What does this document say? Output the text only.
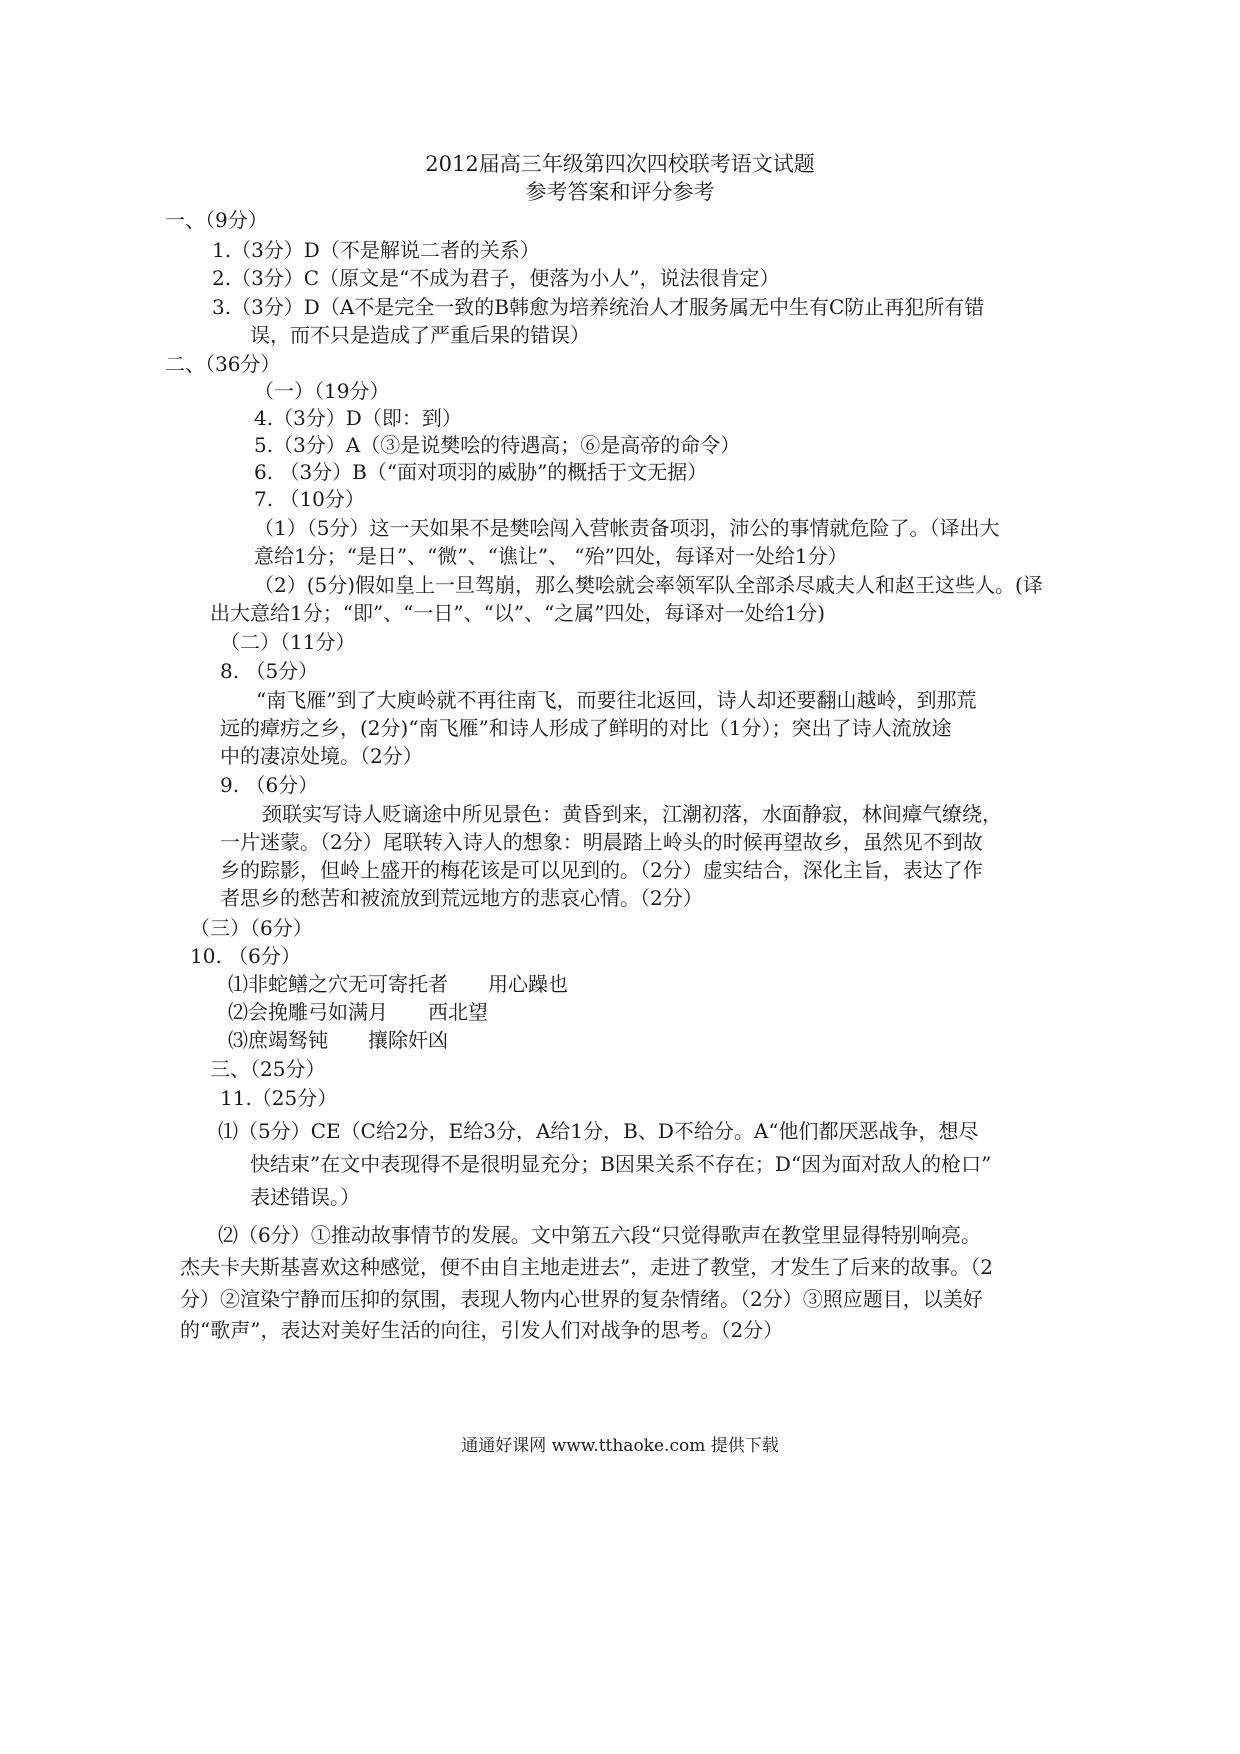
2012届高三年级第四次四校联考语文试题
参考答案和评分参考
一、（9分）
1.（3分）D（不是解说二者的关系）
2.（3分）C（原文是“不成为君子，便落为小人”，说法很肯定）
3.（3分）D（A不是完全一致的B韩愈为培养统治人才服务属无中生有C防止再犯所有错
误，而不只是造成了严重后果的错误）
二、（36分）
（一）（19分）
4.（3分）D（即：到）
5.（3分）A（③是说樊哙的待遇高；⑥是高帝的命令）
6. （3分）B（“面对项羽的威胁”的概括于文无据）
7. （10分）
（1）（5分）这一天如果不是樊哙闯入营帐责备项羽，沛公的事情就危险了。（译出大
意给1分；“是日”、“微”、“谯让”、 “殆”四处，每译对一处给1分）
（2）(5分)假如皇上一旦驾崩，那么樊哙就会率领军队全部杀尽戚夫人和赵王这些人。(译
出大意给1分；“即”、“一日”、“以”、“之属”四处，每译对一处给1分)
（二）（11分）
8. （5分）
“南飞雁”到了大庾岭就不再往南飞，而要往北返回，诗人却还要翻山越岭，到那荒
远的瘴疠之乡，(2分)“南飞雁”和诗人形成了鲜明的对比（1分）；突出了诗人流放途
中的凄凉处境。（2分）
9. （6分）
颈联实写诗人贬谪途中所见景色：黄昏到来，江潮初落，水面静寂，林间瘴气缭绕，
一片迷蒙。（2分）尾联转入诗人的想象：明晨踏上岭头的时候再望故乡，虽然见不到故
乡的踪影，但岭上盛开的梅花该是可以见到的。（2分）虚实结合，深化主旨，表达了作
者思乡的愁苦和被流放到荒远地方的悲哀心情。（2分）
（三）（6分）
10. （6分）
⑴非蛇鳝之穴无可寄托者　　用心躁也
⑵会挽雕弓如满月　　西北望
⑶庶竭驽钝　　攘除奸凶
三、（25分）
11.（25分）
⑴（5分）CE（C给2分，E给3分，A给1分，B、D不给分。A“他们都厌恶战争，想尽
快结束”在文中表现得不是很明显充分；B因果关系不存在；D“因为面对敌人的枪口”
表述错误。）
⑵（6分）①推动故事情节的发展。文中第五六段“只觉得歌声在教堂里显得特别响亮。
杰夫卡夫斯基喜欢这种感觉，便不由自主地走进去”，走进了教堂，才发生了后来的故事。（2
分）②渲染宁静而压抑的氛围，表现人物内心世界的复杂情绪。（2分）③照应题目，以美好
的“歌声”，表达对美好生活的向往，引发人们对战争的思考。（2分）
通通好课网 www.tthaoke.com 提供下载
